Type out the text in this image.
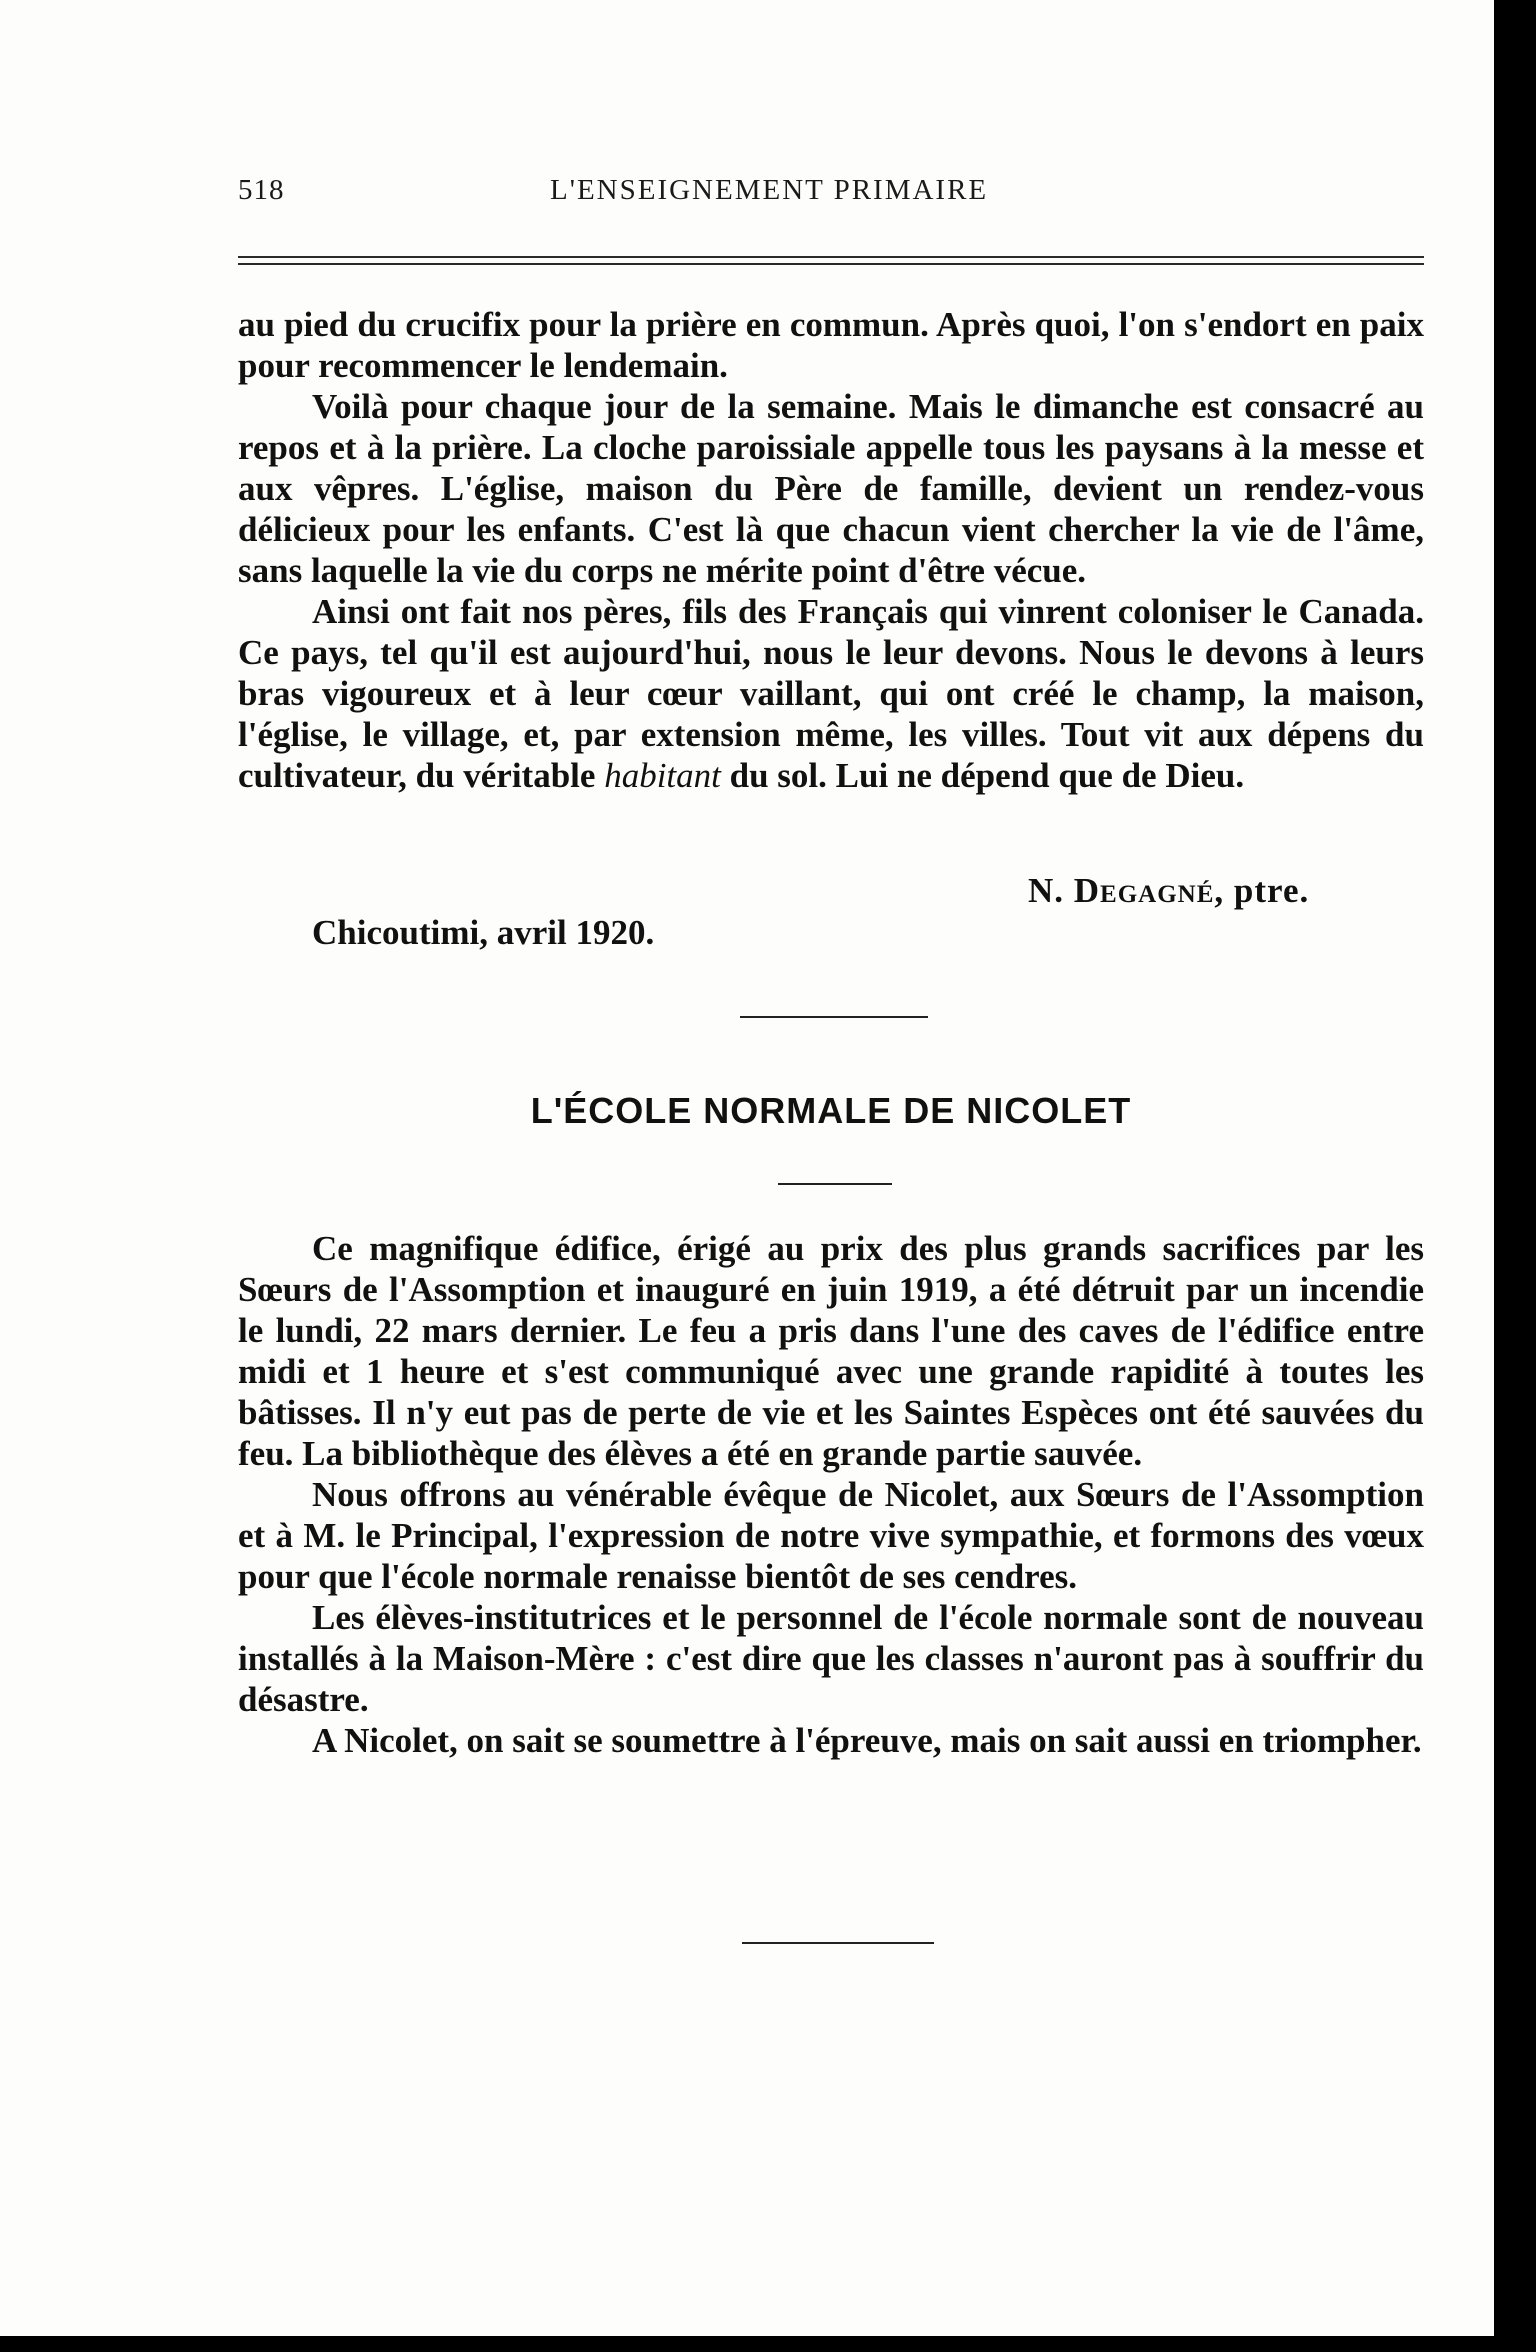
518	L'ENSEIGNEMENT PRIMAIRE

au pied du crucifix pour la prière en commun. Après quoi, l'on s'endort en paix pour recommencer le lendemain.

Voilà pour chaque jour de la semaine. Mais le dimanche est consacré au repos et à la prière. La cloche paroissiale appelle tous les paysans à la messe et aux vêpres. L'église, maison du Père de famille, devient un rendez-vous délicieux pour les enfants. C'est là que chacun vient chercher la vie de l'âme, sans laquelle la vie du corps ne mérite point d'être vécue.

Ainsi ont fait nos pères, fils des Français qui vinrent coloniser le Canada. Ce pays, tel qu'il est aujourd'hui, nous le leur devons. Nous le devons à leurs bras vigoureux et à leur cœur vaillant, qui ont créé le champ, la maison, l'église, le village, et, par extension même, les villes. Tout vit aux dépens du cultivateur, du véritable habitant du sol. Lui ne dépend que de Dieu.

N. Degagné, ptre.
Chicoutimi, avril 1920.
L'ÉCOLE NORMALE DE NICOLET

Ce magnifique édifice, érigé au prix des plus grands sacrifices par les Sœurs de l'Assomption et inauguré en juin 1919, a été détruit par un incendie le lundi, 22 mars dernier. Le feu a pris dans l'une des caves de l'édifice entre midi et 1 heure et s'est communiqué avec une grande rapidité à toutes les bâtisses. Il n'y eut pas de perte de vie et les Saintes Espèces ont été sauvées du feu. La bibliothèque des élèves a été en grande partie sauvée.

Nous offrons au vénérable évêque de Nicolet, aux Sœurs de l'Assomption et à M. le Principal, l'expression de notre vive sympathie, et formons des vœux pour que l'école normale renaisse bientôt de ses cendres.

Les élèves-institutrices et le personnel de l'école normale sont de nouveau installés à la Maison-Mère : c'est dire que les classes n'auront pas à souffrir du désastre.

A Nicolet, on sait se soumettre à l'épreuve, mais on sait aussi en triompher.
